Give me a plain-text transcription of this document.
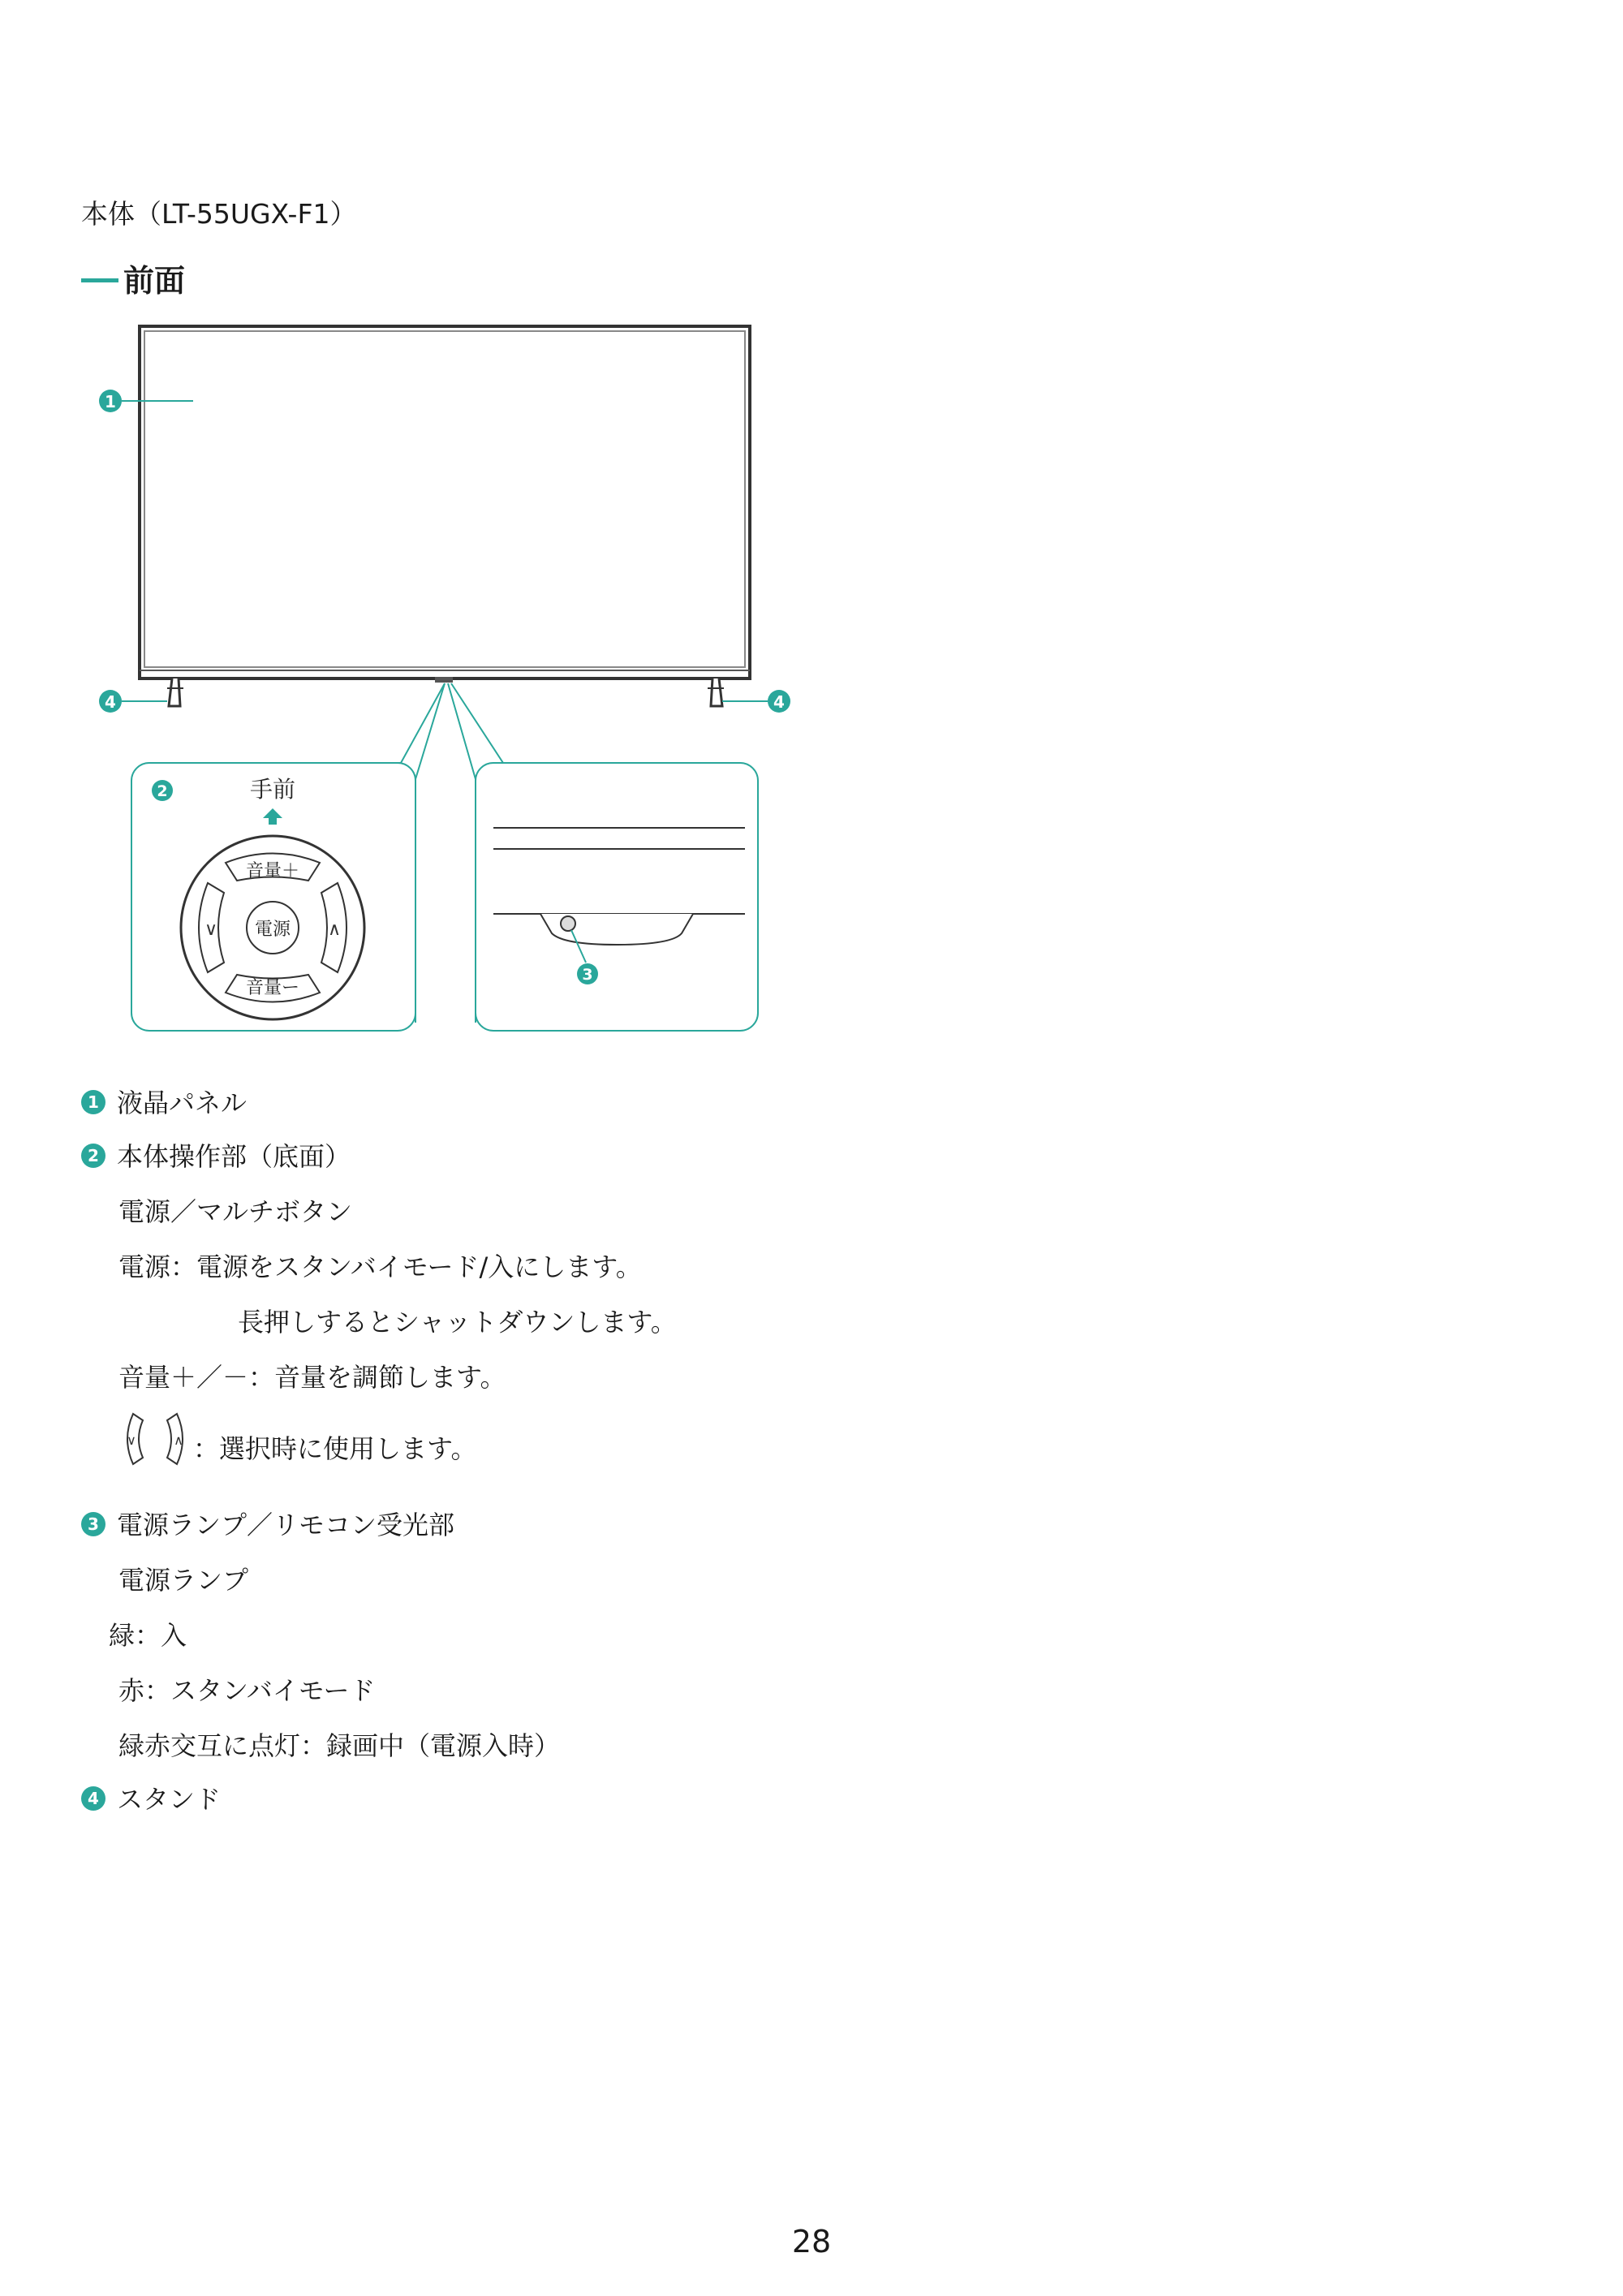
本体（LT-55UGX-F1）
前面
1
4	4
2	手前
音量＋
音量ー
∨	∧
電源
3
1 液晶パネル
2 本体操作部（底面）
電源／マルチボタン
電源：電源をスタンバイモード/入にします。
長押しするとシャットダウンします。
音量＋／－：音量を調節します。
∨	∧ ：選択時に使用します。
3 電源ランプ／リモコン受光部
電源ランプ
緑：入
赤：スタンバイモード
緑赤交互に点灯：録画中（電源入時）
4 スタンド
28
